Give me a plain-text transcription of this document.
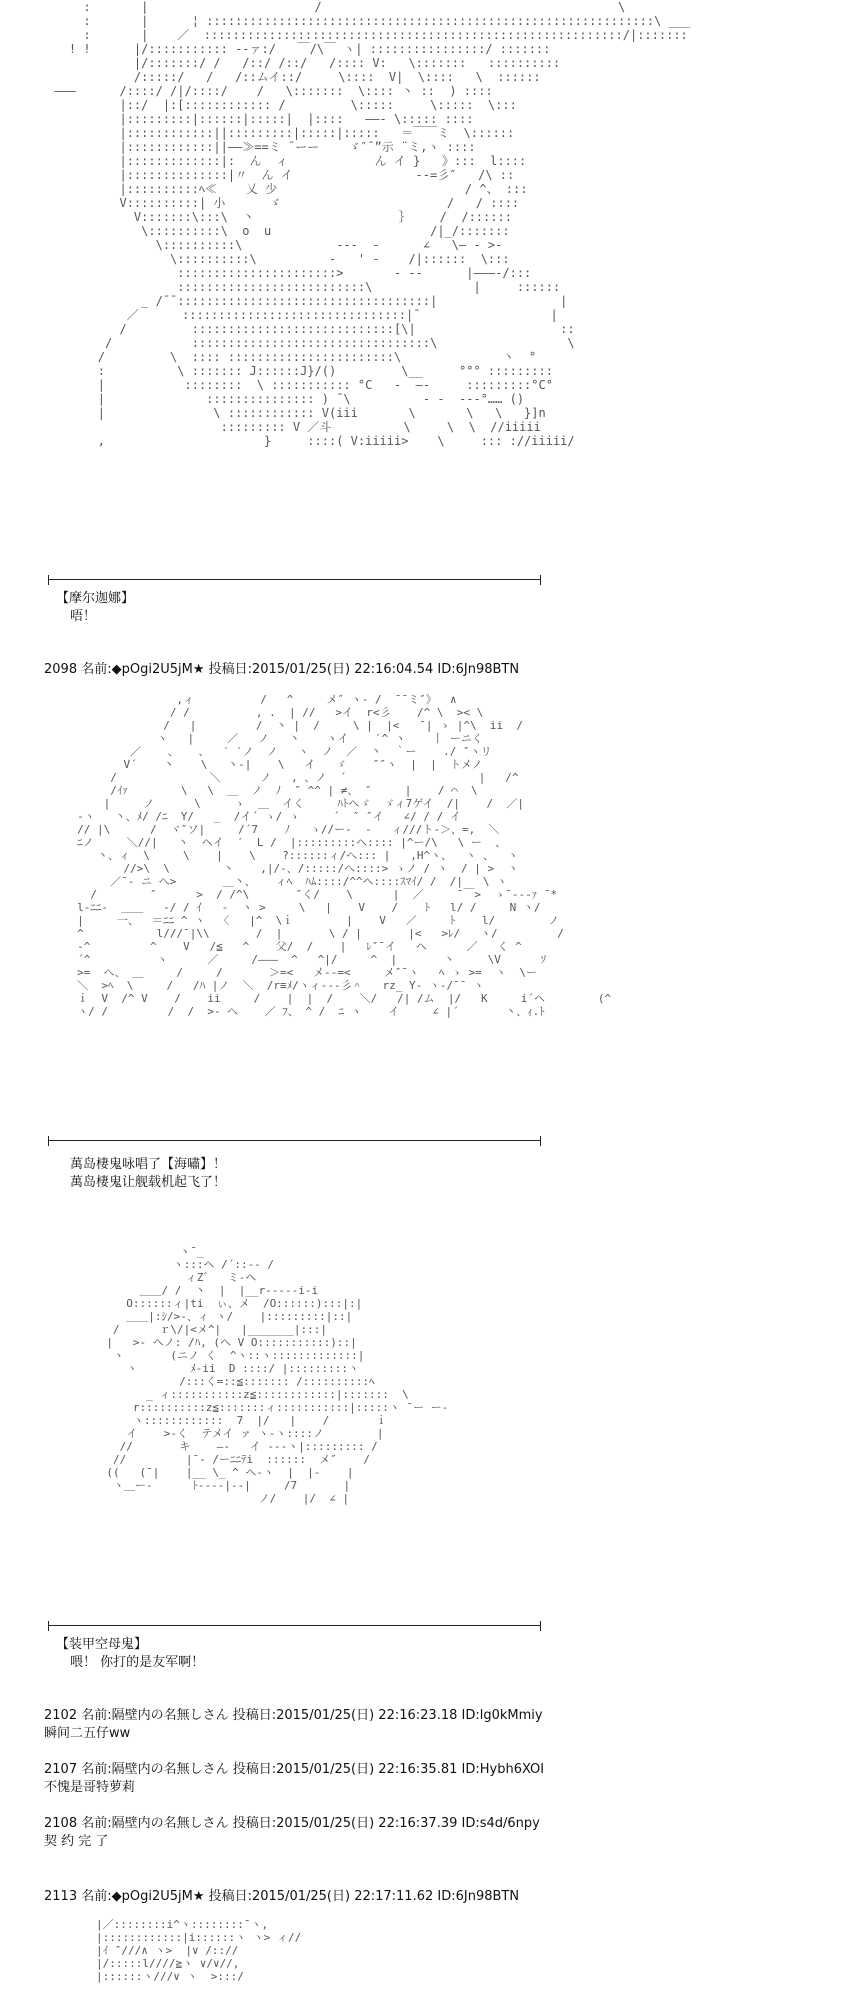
:       |                       /                                         \
:       |      ¦ ::::::::::::::::::::::::::::::::::::::::::::::::::::::::::::::\ ___
:       |    ／  ::::::::::::::::::::::::::::::::::::::::::::::::::::::::::/|:::::::
! !      |/::::::::::: -‐ァ:/   ￣/\￣ ヽ| ::::::::::::::::/ :::::::
|/:::::::/ /   /::/ /::/   /:::: V:   \:::::::   ::::::::::
/:::::/   /   /::ムイ::/     \::::  V|  \::::   \  ::::::
———      /::::/ /|/::::/    /   \:::::::  \:::: 丶 ::  ) ::::
|::/  |:[:::::::::::: /         \:::::     \:::::  \:::
|:::::::::|::::::|:::::|  |::::   ——‐ \::::: ::::
|::::::::::::||:::::::::|:::::|:::::   ＝￣￣ミ  \::::::
|::::::::::::||——≫==ミ ¯ーー    ゞ″¯”示 ¨ミ,ヽ ::::
|:::::::::::::|:  ん  ィ            ん イ }   》:::  l::::
|::::::::::::::|〃  ん イ                 ‐‐=彡″   /\ ::
|::::::::::ﾍ≪    乂 少                          / ^、 :::
V::::::::::| 小      ゞ                       /   / ::::
V:::::::\:::\  丶                    ｝    /  /::::::
\::::::::::\  o  u                      /|_/:::::::
\::::::::::\             ‐‐-  ‐      ∠   \— - >-
\::::::::::\          ‐   ' ‐    /|::::::  \:::
::::::::::::::::::::::>       ‐ -‐      |———‐/:::
::::::::::::::::::::::::::\              |     ::::::
_ /¯¯:::::::::::::::::::::::::::::::::::|                 |
／      :::::::::::::::::::::::::::::::|¯                  |
/         ::::::::::::::::::::::::::::[\|                    ::
/           :::::::::::::::::::::::::::::::::\                  \
/         \  :::: :::::::::::::::::::::::\              丶  °
:          \ ::::::: J::::::J}/()         \__     °°° :::::::::
|           ::::::::  \ ::::::::::: °C   -  —‐     :::::::::°C°
|              ::::::::::::::: ) ¯\          ‐ ‐  ‐‐‐°…… ()
|               \ :::::::::::: V(iii       \       \   \   }]n
::::::::: V ／斗          \     \  \  //iiiii
,                      }     ::::( V:iiiii>    \     ::: ://iiiii/
【摩尔迦娜】
唔！
2098 名前:◆pOgi2U5jM★ 投稿日:2015/01/25(日) 22:16:04.54 ID:6Jn98BTN
,ィ          /   ^     メ″ ヽ- /  ¯¯ミ″》  ∧
/ /          , .  | //   >イ  r<彡    /^ \  >< \
/   |         /  丶 |  /     \ |  |<   ¯| ゝ |^\  ii  /
ヽ   |     ／   ノ   丶    ヽイ    ′^ ヽ    丨 ーニく
／    、   、  ′ ′ノ  ノ   ヽ  ノ  ／  丶  ｀ー    ./ ″ヽリ
V´    丶    \   丶-|    \   イ   ゞ    ″″ヽ  |  |  トメノ
/              ＼      ノ   , 、ノ  ´                    |   /^
/ｲｧ        \   \  ＿  ノ  ﾉ  ″ ^^ | ≠、 ″     |    / ⌒  \
|     ノ      \     ゝ  ＿  イく     ﾊﾄヘゞ  ゞィ7ゲイ  /|    /  ／|
-ヽ   丶、ﾒ/ /ﾆ  Y/   _  /イ´ ゝ/ ゝ     ´  ″ ″イ   ∠/ / / イ
// |\      /  ヾ″ソ|     /´7    ﾉ   ゝ//ー‐  -   ィ///ト‐＞、=,  ＼
ﾆノ     ＼//|   丶  ヘイ  ′  L /  |:::::::::ヘ:::: |^ー/\   \ ー  、
丶、ィ  \     \    |    \    ?::::::ィ/へ::: |   ,H^ヽ、  ヽ 、  ヽ
//>\  \        丶    ,|/‐、/:::::/へ::::> ゝノ / ヽ  / | >  ヽ
／¯‐ ニ へ>       ＿丶、   ィﾍ  ﾊﾑ::::/^^ヘ::::ｽﾏｲ/ /  /|   \ ヽ
/        ″      >  / /^\       ″く/    \      |  ／     ¯￣>  ゝ¯‐‐‐ｧ ¯*
l‐ﾆﾆ‐  ＿＿   -/ / ｲ   ‐  ヽ >     \   |    V    /    ﾄ   l/ /     N ヽ/
|     一、  ＝ﾆﾆ ^ ヽ  〈   |^  \ｉ        |    V   ／     ﾄ    l/        ノ
^           l///¯|\\       /  |       \ / |       |<   >ﾚ/   ヽ/         /
‐^         ^    V   /≦   ^    父/  /    |   ﾚ″¯イ   ヘ      ／   く ^
´^          ヽ      ／     /———  ^   ^|/     ^  |       丶     \V      ｿ
>=  へ、 ＿     /     /       ＞=<   メ‐‐=<     メ″¯ヽ   ﾍ ゝ >=  ヽ  \ー
＼  >ﾍ  \     /   /ﾊ |ノ  ＼  /r≡ﾒ/ヽィ‐‐‐彡＾   rz_ Y‐ ヽ‐/¯¯ ヽ
ｉ  V  /^ V    /    ii     /    |  |  /    ＼/   /| /ム  |/   K     i´ヘ        (^
ヽ/ /         /  /  >- へ    ／ ﾌ、 ^ /  ﾆ ヽ    イ     ∠ |´       丶、ｨ.ﾄ
萬岛棲鬼咏唱了【海嘯】！
萬岛棲鬼让舰载机起飞了！
ヽ¯_
ヽ:::ヘ /´::‐‐ /
ィZ゛  ミ‐ヘ
＿＿/ /  丶  |  |__r‐‐‐‐‐i‐i
O::::::ィ|ti  ぃ、メ  /O::::::):::|:|
＿＿|:ｼ/>‐、ィ ヽ/    |:::::::::|::|
/      ｒ\/|<メ^|   |_______|:::|
|   >- ヘノ: /ﾊ, (ヘ V O:::::::::::)::|
ヽ       (ニノ く  ^ヽ::ヽ:::::::::::::|
ヽ        ﾒ‐ii  D ::::/ |:::::::::ヽ
/:::く=::≦::::::: /::::::::::ﾍ
_ ィ:::::::::::z≦::::::::::::|:::::::  \
r::::::::::z≦:::::::ィ:::::::::::|:::::ヽ ¯ー ー‐
ヽ::::::::::::  7  |/   |    /       ｉ
イ    >‐く  テメイ ァ ヽ‐ヽ::::ノ        |
//       キ    —‐   イ ‐‐‐ヽ|::::::::: /
//         |¯‐ /ーﾆﾆﾃi  ::::::  メ″    /
((   (¯|    |__ \_ ^ ヘ‐ヽ  |  |‐    |
ヽ＿ー‐      ﾄ‐‐‐‐|‐‐|     /7       |
ノ/    |/  ∠ |
【装甲空母鬼】
喂！ 你打的是友军啊！
2102 名前:隔壁内の名無しさん 投稿日:2015/01/25(日) 22:16:23.18 ID:lg0kMmiy
瞬间二五仔ww
2107 名前:隔壁内の名無しさん 投稿日:2015/01/25(日) 22:16:35.81 ID:Hybh6XOI
不愧是哥特萝莉
2108 名前:隔壁内の名無しさん 投稿日:2015/01/25(日) 22:16:37.39 ID:s4d/6npy
契 约 完 了
2113 名前:◆pOgi2U5jM★ 投稿日:2015/01/25(日) 22:17:11.62 ID:6Jn98BTN
|／::::::::i^ヽ::::::::¯ヽ,
|::::::::::::|i::::::ヽ ヽ> ィ//
|ｲ ″///∧ ヽ>  |∨ /:://
|/:::::l////≧ヽ ∨/∨//,
|::::::ヽ///∨ ヽ  >:::/
